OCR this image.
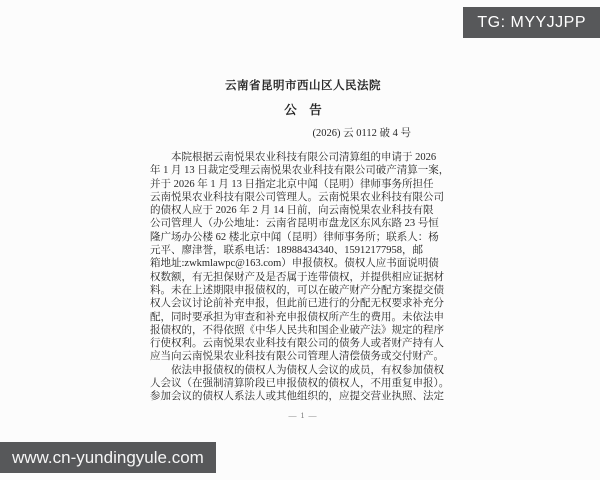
TG: MYYJJPP
云南省昆明市西山区人民法院
公　告
(2026) 云 0112 破 4 号
本院根据云南悦果农业科技有限公司清算组的申请于 2026
年 1 月 13 日裁定受理云南悦果农业科技有限公司破产清算一案，
并于 2026 年 1 月 13 日指定北京中闻（昆明）律师事务所担任
云南悦果农业科技有限公司管理人。云南悦果农业科技有限公司
的债权人应于 2026 年 2 月 14 日前，向云南悦果农业科技有限
公司管理人（办公地址：云南省昆明市盘龙区东风东路 23 号恒
隆广场办公楼 62 楼北京中闻（昆明）律师事务所；联系人：杨
元平、廖津誉，联系电话：18988434340、15912177958，邮
箱地址:zwkmlawpc@163.com）申报债权。债权人应书面说明债
权数额，有无担保财产及是否属于连带债权，并提供相应证据材
料。未在上述期限申报债权的，可以在破产财产分配方案提交债
权人会议讨论前补充申报，但此前已进行的分配无权要求补充分
配，同时要承担为审查和补充申报债权所产生的费用。未依法申
报债权的，不得依照《中华人民共和国企业破产法》规定的程序
行使权利。云南悦果农业科技有限公司的债务人或者财产持有人
应当向云南悦果农业科技有限公司管理人清偿债务或交付财产。
依法申报债权的债权人为债权人会议的成员，有权参加债权
人会议（在强制清算阶段已申报债权的债权人，不用重复申报）。
参加会议的债权人系法人或其他组织的，应提交营业执照、法定
— 1 —
www.cn-yundingyule.com
